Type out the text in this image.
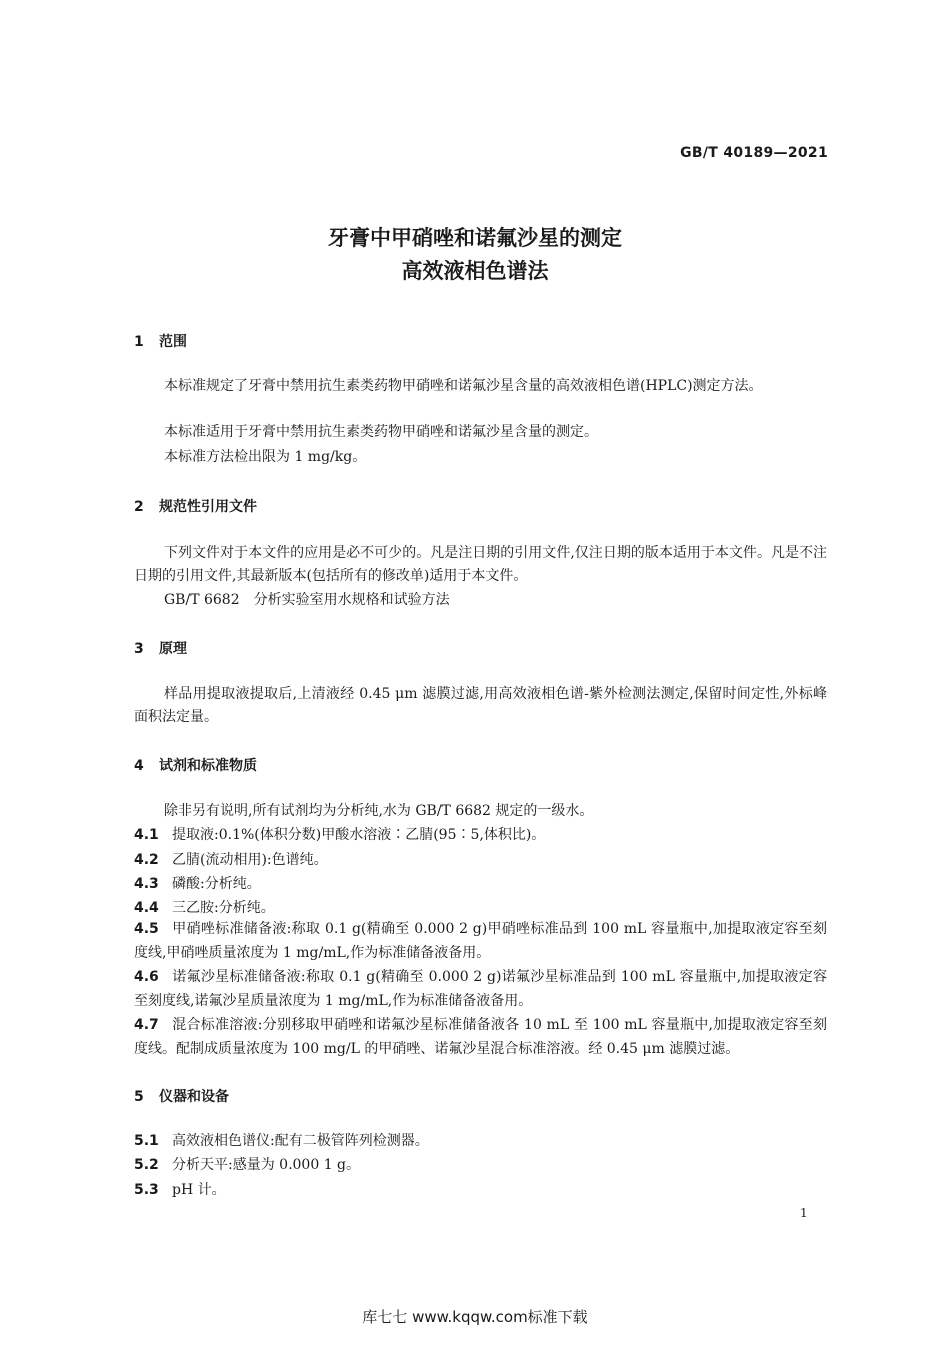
GB/T 40189—2021
牙膏中甲硝唑和诺氟沙星的测定
高效液相色谱法
1 范围
本标准规定了牙膏中禁用抗生素类药物甲硝唑和诺氟沙星含量的高效液相色谱(HPLC)测定方法。
本标准适用于牙膏中禁用抗生素类药物甲硝唑和诺氟沙星含量的测定。
本标准方法检出限为 1 mg/kg。
2 规范性引用文件
下列文件对于本文件的应用是必不可少的。凡是注日期的引用文件,仅注日期的版本适用于本文件。凡是不注日期的引用文件,其最新版本(包括所有的修改单)适用于本文件。
GB/T 6682　分析实验室用水规格和试验方法
3 原理
样品用提取液提取后,上清液经 0.45 μm 滤膜过滤,用高效液相色谱-紫外检测法测定,保留时间定性,外标峰面积法定量。
4 试剂和标准物质
除非另有说明,所有试剂均为分析纯,水为 GB/T 6682 规定的一级水。
4.1 提取液:0.1%(体积分数)甲酸水溶液∶乙腈(95∶5,体积比)。
4.2 乙腈(流动相用):色谱纯。
4.3 磷酸:分析纯。
4.4 三乙胺:分析纯。
4.5 甲硝唑标准储备液:称取 0.1 g(精确至 0.000 2 g)甲硝唑标准品到 100 mL 容量瓶中,加提取液定容至刻度线,甲硝唑质量浓度为 1 mg/mL,作为标准储备液备用。
4.6 诺氟沙星标准储备液:称取 0.1 g(精确至 0.000 2 g)诺氟沙星标准品到 100 mL 容量瓶中,加提取液定容至刻度线,诺氟沙星质量浓度为 1 mg/mL,作为标准储备液备用。
4.7 混合标准溶液:分别移取甲硝唑和诺氟沙星标准储备液各 10 mL 至 100 mL 容量瓶中,加提取液定容至刻度线。配制成质量浓度为 100 mg/L 的甲硝唑、诺氟沙星混合标准溶液。经 0.45 μm 滤膜过滤。
5 仪器和设备
5.1 高效液相色谱仪:配有二极管阵列检测器。
5.2 分析天平:感量为 0.000 1 g。
5.3 pH 计。
1
库七七 www.kqqw.com标准下载
